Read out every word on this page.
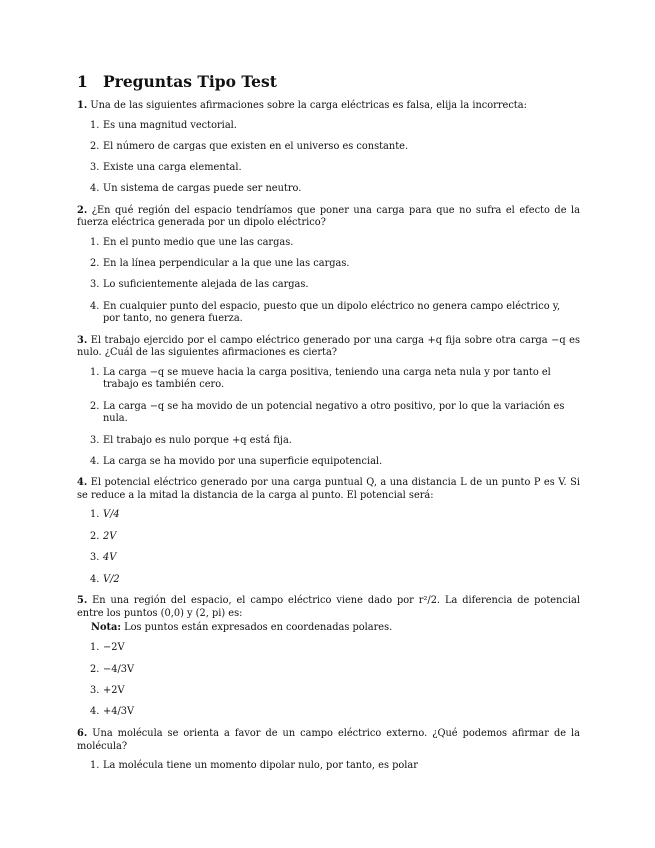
1 Preguntas Tipo Test

1. Una de las siguientes afirmaciones sobre la carga eléctricas es falsa, elija la incorrecta:

1. Es una magnitud vectorial.
2. El número de cargas que existen en el universo es constante.
3. Existe una carga elemental.
4. Un sistema de cargas puede ser neutro.

2. ¿En qué región del espacio tendríamos que poner una carga para que no sufra el efecto de la fuerza eléctrica generada por un dipolo eléctrico?

1. En el punto medio que une las cargas.
2. En la línea perpendicular a la que une las cargas.
3. Lo suficientemente alejada de las cargas.
4. En cualquier punto del espacio, puesto que un dipolo eléctrico no genera campo eléctrico y, por tanto, no genera fuerza.

3. El trabajo ejercido por el campo eléctrico generado por una carga +q fija sobre otra carga −q es nulo. ¿Cuál de las siguientes afirmaciones es cierta?

1. La carga −q se mueve hacia la carga positiva, teniendo una carga neta nula y por tanto el trabajo es también cero.
2. La carga −q se ha movido de un potencial negativo a otro positivo, por lo que la variación es nula.
3. El trabajo es nulo porque +q está fija.
4. La carga se ha movido por una superficie equipotencial.

4. El potencial eléctrico generado por una carga puntual Q, a una distancia L de un punto P es V. Si se reduce a la mitad la distancia de la carga al punto. El potencial será:

1. V/4
2. 2V
3. 4V
4. V/2

5. En una región del espacio, el campo eléctrico viene dado por r²/2. La diferencia de potencial entre los puntos (0,0) y (2, pi) es:

Nota: Los puntos están expresados en coordenadas polares.

1. −2V
2. −4/3V
3. +2V
4. +4/3V

6. Una molécula se orienta a favor de un campo eléctrico externo. ¿Qué podemos afirmar de la molécula?

1. La molécula tiene un momento dipolar nulo, por tanto, es polar
